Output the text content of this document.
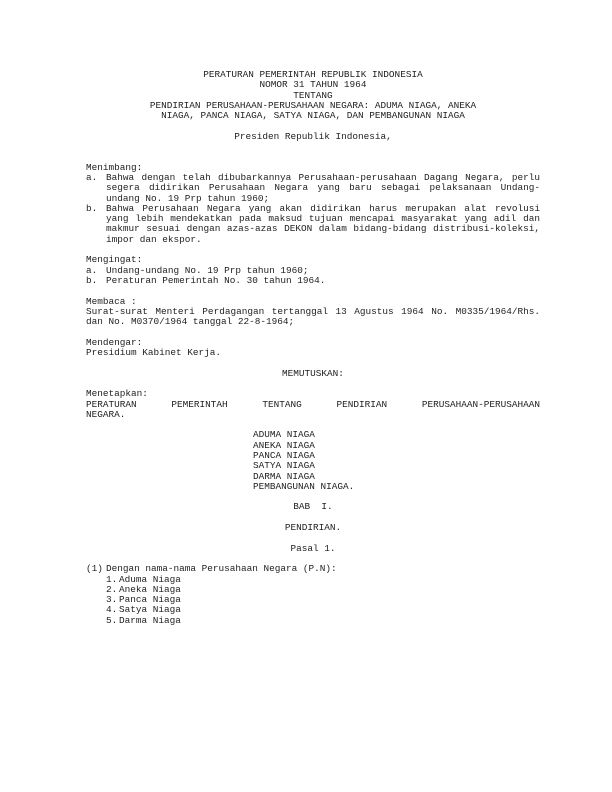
PERATURAN PEMERINTAH REPUBLIK INDONESIA
NOMOR 31 TAHUN 1964
TENTANG
PENDIRIAN PERUSAHAAN-PERUSAHAAN NEGARA: ADUMA NIAGA, ANEKA
NIAGA, PANCA NIAGA, SATYA NIAGA, DAN PEMBANGUNAN NIAGA
Presiden Republik Indonesia,
Menimbang:
a. Bahwa dengan telah dibubarkannya Perusahaan-perusahaan Dagang Negara, perlu segera didirikan Perusahaan Negara yang baru sebagai pelaksanaan Undang-undang No. 19 Prp tahun 1960;
b. Bahwa Perusahaan Negara yang akan didirikan harus merupakan alat revolusi yang lebih mendekatkan pada maksud tujuan mencapai masyarakat yang adil dan makmur sesuai dengan azas-azas DEKON dalam bidang-bidang distribusi-koleksi, impor dan ekspor.
Mengingat:
a. Undang-undang No. 19 Prp tahun 1960;
b. Peraturan Pemerintah No. 30 tahun 1964.
Membaca :
Surat-surat Menteri Perdagangan tertanggal 13 Agustus 1964 No. M0335/1964/Rhs. dan No. M0370/1964 tanggal 22-8-1964;
Mendengar:
Presidium Kabinet Kerja.
MEMUTUSKAN:
Menetapkan:
PERATURAN	PEMERINTAH	TENTANG	PENDIRIAN	PERUSAHAAN-PERUSAHAAN
NEGARA.
ADUMA NIAGA
ANEKA NIAGA
PANCA NIAGA
SATYA NIAGA
DARMA NIAGA
PEMBANGUNAN NIAGA.
BAB  I.
PENDIRIAN.
Pasal 1.
(1) Dengan nama-nama Perusahaan Negara (P.N):
1. Aduma Niaga
2. Aneka Niaga
3. Panca Niaga
4. Satya Niaga
5. Darma Niaga
